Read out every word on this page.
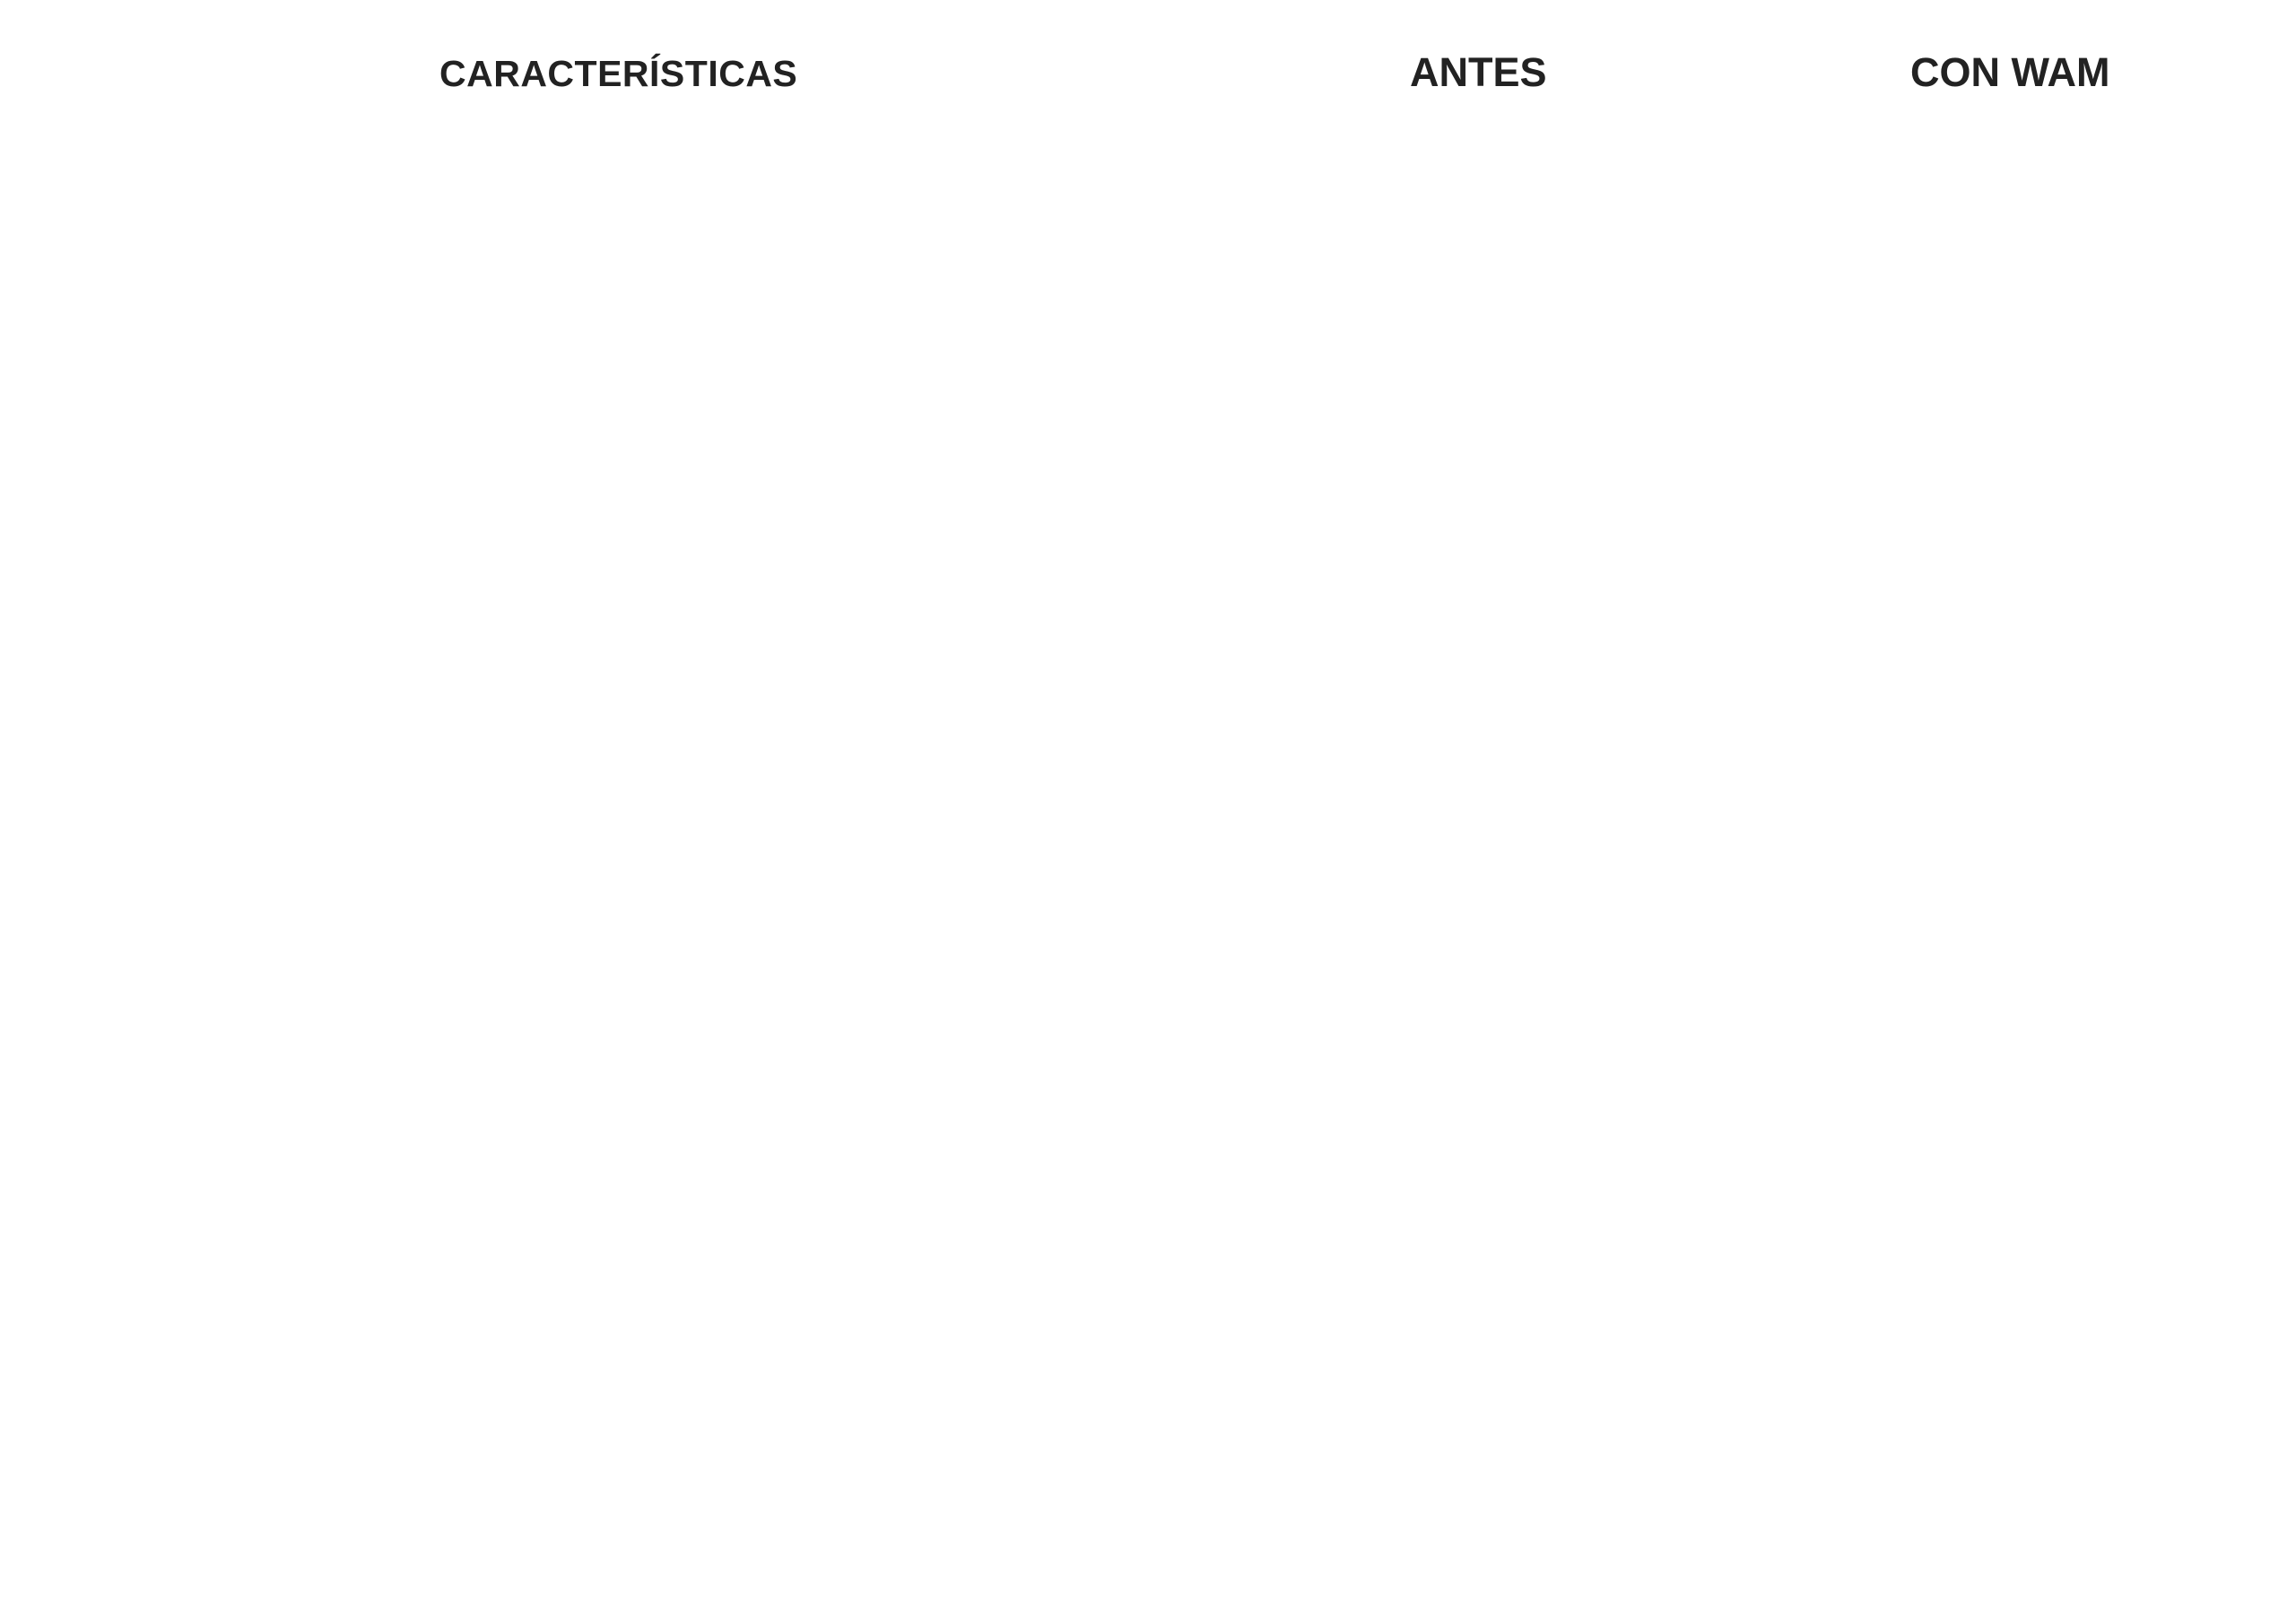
CARACTERÍSTICAS	ANTES	CON WAM
